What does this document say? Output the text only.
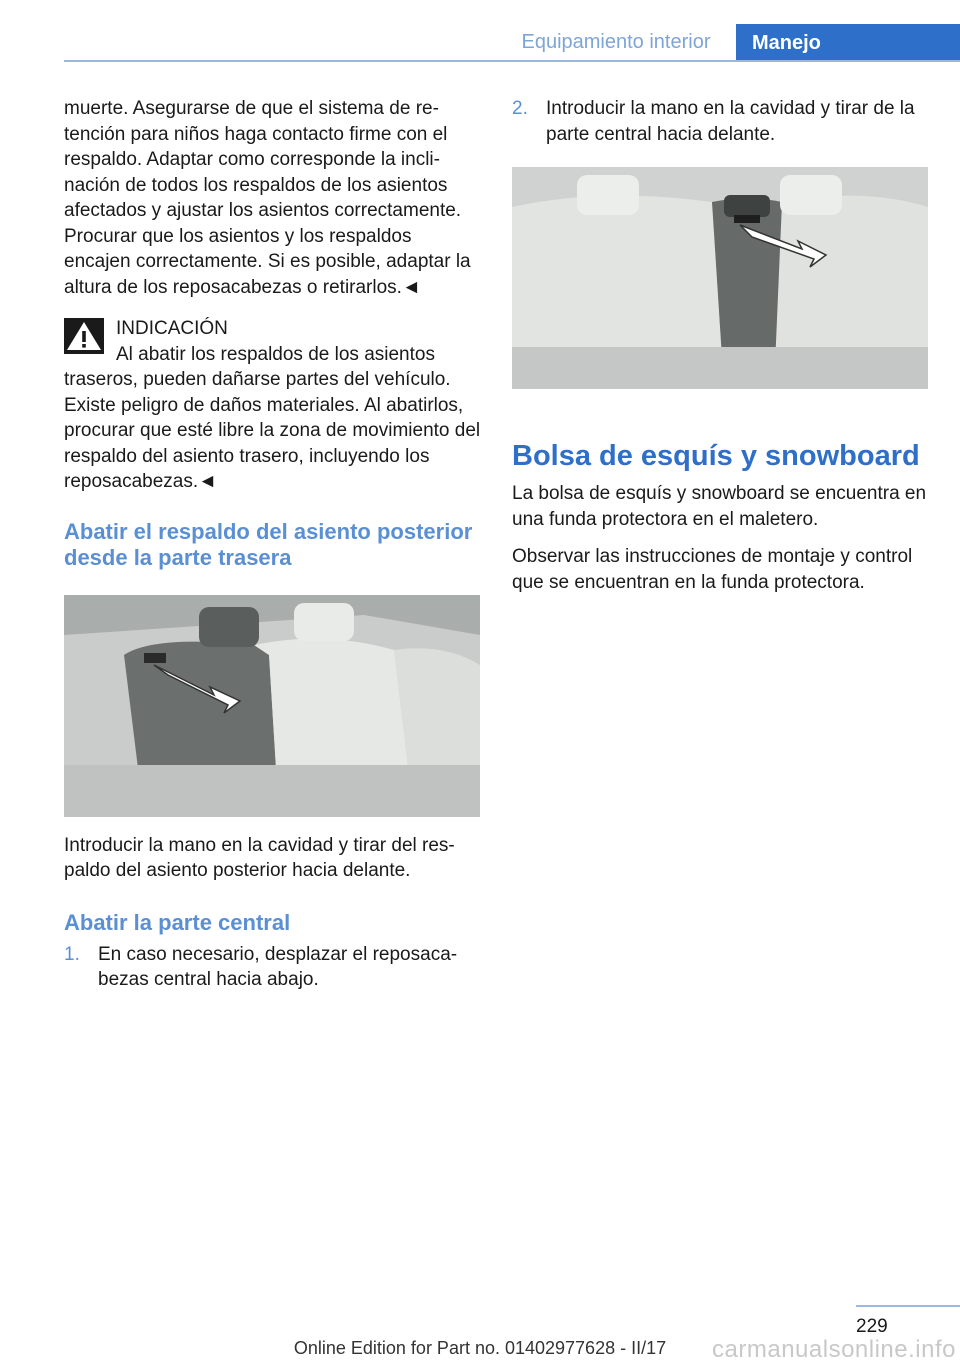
Equipamiento interior	Manejo

muerte. Asegurarse de que el sistema de retención para niños haga contacto firme con el respaldo. Adaptar como corresponde la inclinación de todos los respaldos de los asientos afectados y ajustar los asientos correctamente. Procurar que los asientos y los respaldos encajen correctamente. Si es posible, adaptar la altura de los reposacabezas o retirarlos.◄

INDICACIÓN

Al abatir los respaldos de los asientos

traseros, pueden dañarse partes del vehículo. Existe peligro de daños materiales. Al abatirlos, procurar que esté libre la zona de movimiento del respaldo del asiento trasero, incluyendo los reposacabezas.◄

Abatir el respaldo del asiento posterior desde la parte trasera

Introducir la mano en la cavidad y tirar del respaldo del asiento posterior hacia delante.

Abatir la parte central
1. En caso necesario, desplazar el reposacabezas central hacia abajo.
2. Introducir la mano en la cavidad y tirar de la parte central hacia delante.
Bolsa de esquís y snowboard

La bolsa de esquís y snowboard se encuentra en una funda protectora en el maletero.

Observar las instrucciones de montaje y control que se encuentran en la funda protectora.

229
Online Edition for Part no. 01402977628 - II/17	carmanualsonline.info
